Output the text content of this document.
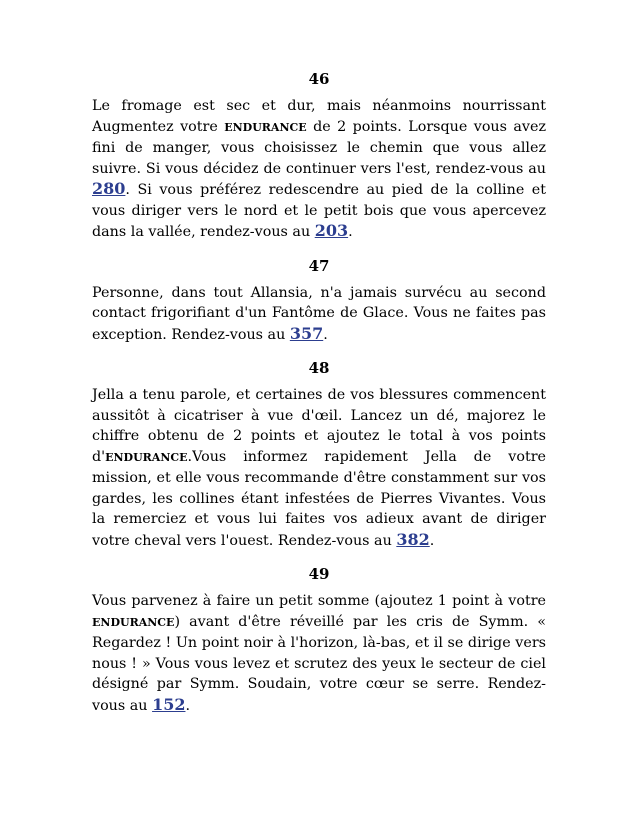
46

Le fromage est sec et dur, mais néanmoins nourrissant Augmentez votre ENDURANCE de 2 points. Lorsque vous avez fini de manger, vous choisissez le chemin que vous allez suivre. Si vous décidez de continuer vers l'est, rendez-vous au 280. Si vous préférez redescendre au pied de la colline et vous diriger vers le nord et le petit bois que vous apercevez dans la vallée, rendez-vous au 203.

47

Personne, dans tout Allansia, n'a jamais survécu au second contact frigorifiant d'un Fantôme de Glace. Vous ne faites pas exception. Rendez-vous au 357.

48

Jella a tenu parole, et certaines de vos blessures commencent aussitôt à cicatriser à vue d'œil. Lancez un dé, majorez le chiffre obtenu de 2 points et ajoutez le total à vos points d'ENDURANCE.Vous informez rapidement Jella de votre mission, et elle vous recommande d'être constamment sur vos gardes, les collines étant infestées de Pierres Vivantes. Vous la remerciez et vous lui faites vos adieux avant de diriger votre cheval vers l'ouest. Rendez-vous au 382.

49

Vous parvenez à faire un petit somme (ajoutez 1 point à votre ENDURANCE) avant d'être réveillé par les cris de Symm. « Regardez ! Un point noir à l'horizon, là-bas, et il se dirige vers nous ! » Vous vous levez et scrutez des yeux le secteur de ciel désigné par Symm. Soudain, votre cœur se serre. Rendez-vous au 152.
